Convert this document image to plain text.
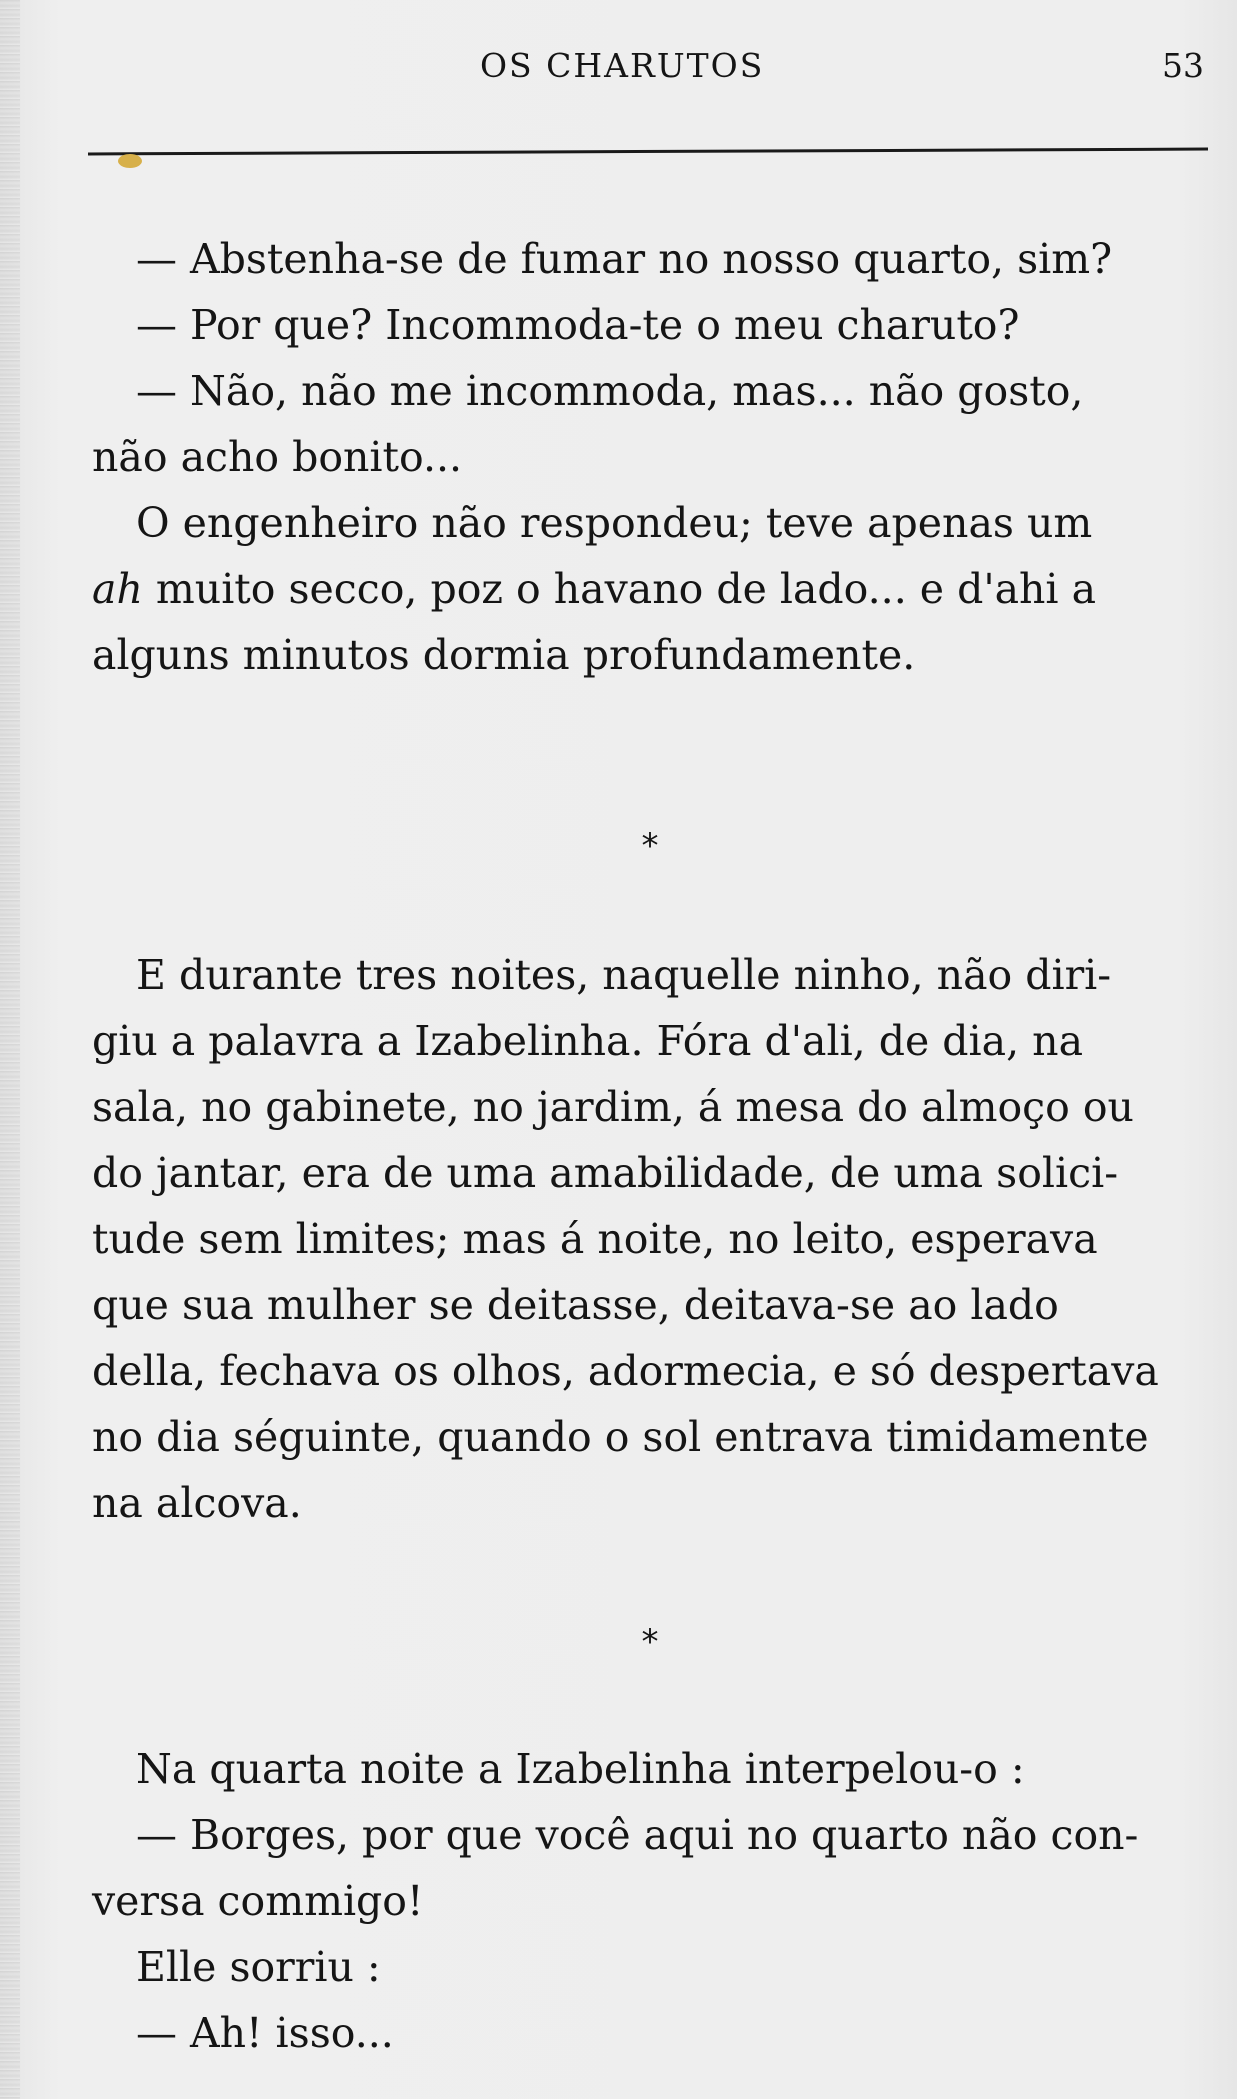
OS CHARUTOS	53
— Abstenha-se de fumar no nosso quarto, sim?
— Por que? Incommoda-te o meu charuto?
— Não, não me incommoda, mas... não gosto,
não acho bonito...
O engenheiro não respondeu; teve apenas um
ah muito secco, poz o havano de lado... e d'ahi a
alguns minutos dormia profundamente.
*
E durante tres noites, naquelle ninho, não diri-
giu a palavra a Izabelinha. Fóra d'ali, de dia, na
sala, no gabinete, no jardim, á mesa do almoço ou
do jantar, era de uma amabilidade, de uma solici-
tude sem limites; mas á noite, no leito, esperava
que sua mulher se deitasse, deitava-se ao lado
della, fechava os olhos, adormecia, e só despertava
no dia séguinte, quando o sol entrava timidamente
na alcova.
*
Na quarta noite a Izabelinha interpelou-o :
— Borges, por que você aqui no quarto não con-
versa commigo!
Elle sorriu :
— Ah! isso...
